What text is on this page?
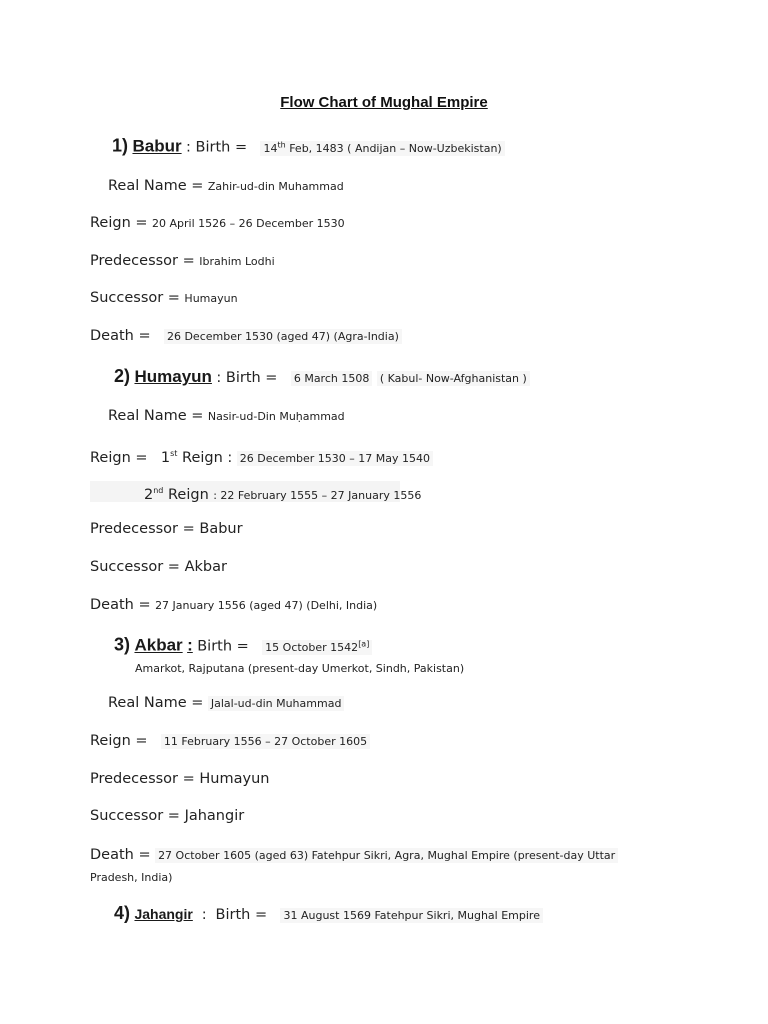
Flow Chart of Mughal Empire
1) Babur : Birth = 14th Feb, 1483 ( Andijan – Now-Uzbekistan)
Real Name = Zahir-ud-din Muhammad
Reign = 20 April 1526 – 26 December 1530
Predecessor = Ibrahim Lodhi
Successor = Humayun
Death = 26 December 1530 (aged 47) (Agra-India)
2) Humayun : Birth = 6 March 1508 ( Kabul- Now-Afghanistan )
Real Name = Nasir-ud-Din Muḥammad
Reign = 1st Reign : 26 December 1530 – 17 May 1540
2nd Reign : 22 February 1555 – 27 January 1556
Predecessor = Babur
Successor = Akbar
Death = 27 January 1556 (aged 47) (Delhi, India)
3) Akbar : Birth = 15 October 1542[a]
Amarkot, Rajputana (present-day Umerkot, Sindh, Pakistan)
Real Name = Jalal-ud-din Muhammad
Reign = 11 February 1556 – 27 October 1605
Predecessor = Humayun
Successor = Jahangir
Death = 27 October 1605 (aged 63) Fatehpur Sikri, Agra, Mughal Empire (present-day Uttar
Pradesh, India)
4) Jahangir : Birth = 31 August 1569 Fatehpur Sikri, Mughal Empire
